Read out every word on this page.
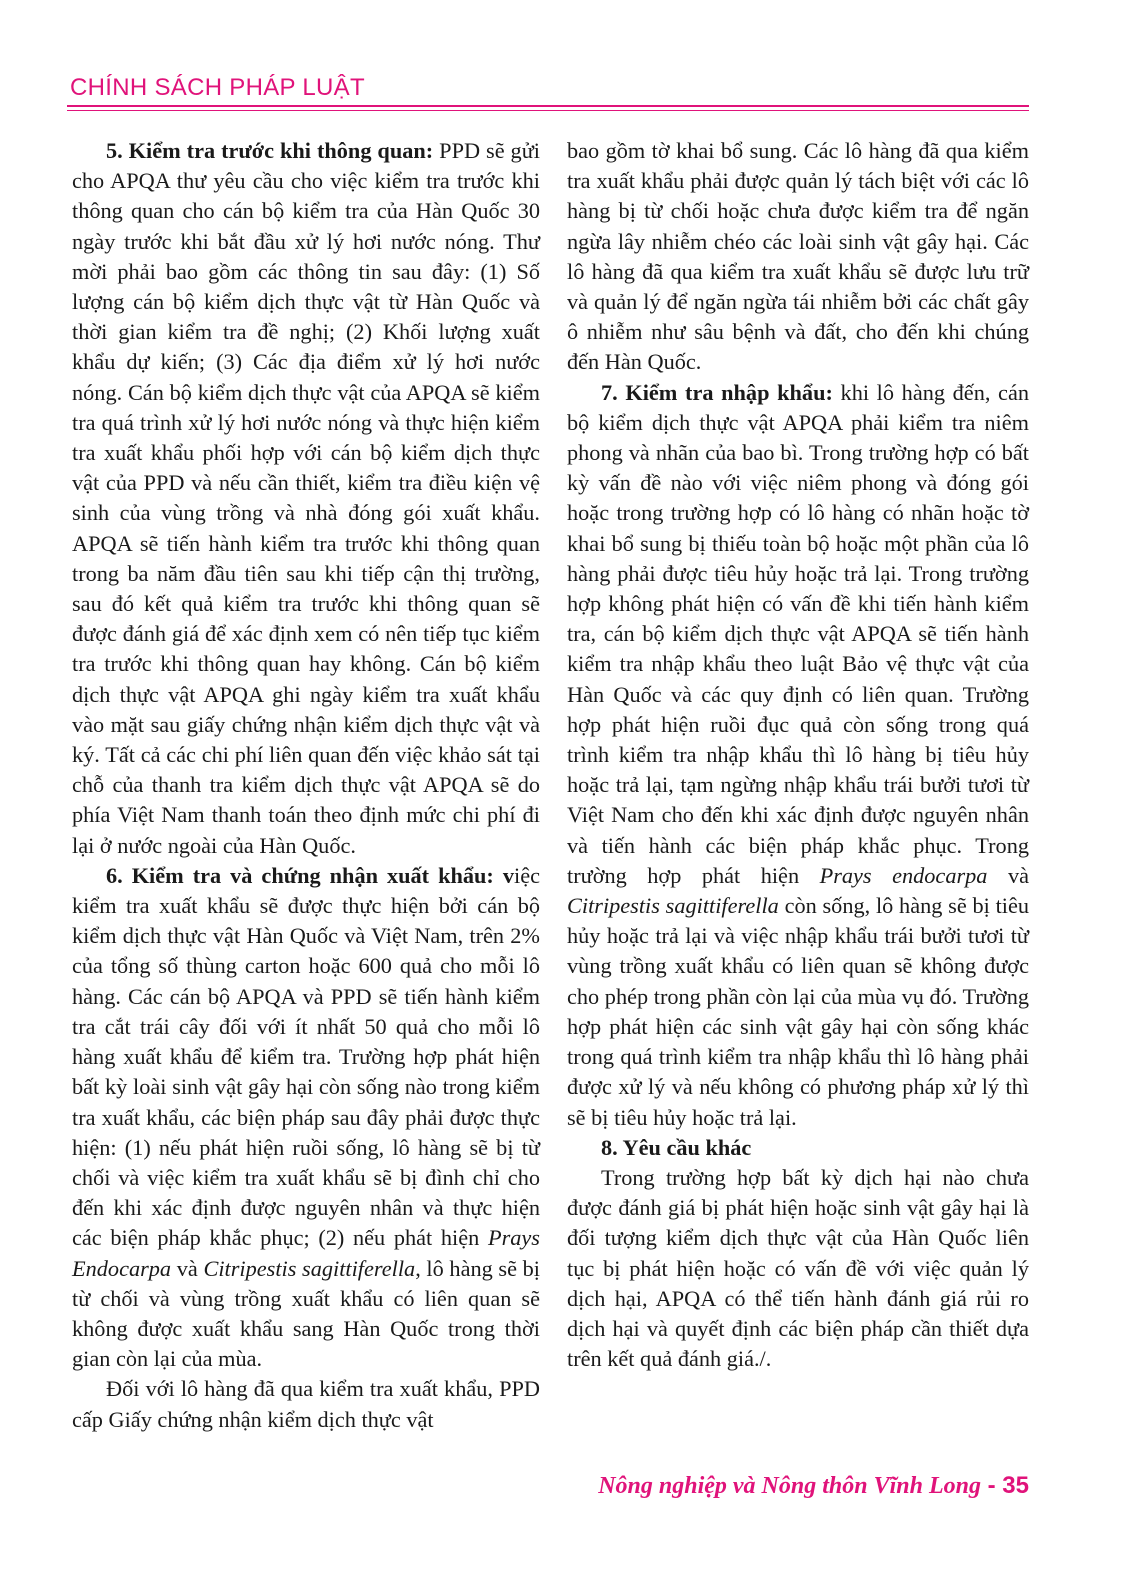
CHÍNH SÁCH PHÁP LUẬT

5. Kiểm tra trước khi thông quan: PPD sẽ gửi cho APQA thư yêu cầu cho việc kiểm tra trước khi thông quan cho cán bộ kiểm tra của Hàn Quốc 30 ngày trước khi bắt đầu xử lý hơi nước nóng. Thư mời phải bao gồm các thông tin sau đây: (1) Số lượng cán bộ kiểm dịch thực vật từ Hàn Quốc và thời gian kiểm tra đề nghị; (2) Khối lượng xuất khẩu dự kiến; (3) Các địa điểm xử lý hơi nước nóng. Cán bộ kiểm dịch thực vật của APQA sẽ kiểm tra quá trình xử lý hơi nước nóng và thực hiện kiểm tra xuất khẩu phối hợp với cán bộ kiểm dịch thực vật của PPD và nếu cần thiết, kiểm tra điều kiện vệ sinh của vùng trồng và nhà đóng gói xuất khẩu. APQA sẽ tiến hành kiểm tra trước khi thông quan trong ba năm đầu tiên sau khi tiếp cận thị trường, sau đó kết quả kiểm tra trước khi thông quan sẽ được đánh giá để xác định xem có nên tiếp tục kiểm tra trước khi thông quan hay không. Cán bộ kiểm dịch thực vật APQA ghi ngày kiểm tra xuất khẩu vào mặt sau giấy chứng nhận kiểm dịch thực vật và ký. Tất cả các chi phí liên quan đến việc khảo sát tại chỗ của thanh tra kiểm dịch thực vật APQA sẽ do phía Việt Nam thanh toán theo định mức chi phí đi lại ở nước ngoài của Hàn Quốc.

6. Kiểm tra và chứng nhận xuất khẩu: việc kiểm tra xuất khẩu sẽ được thực hiện bởi cán bộ kiểm dịch thực vật Hàn Quốc và Việt Nam, trên 2% của tổng số thùng carton hoặc 600 quả cho mỗi lô hàng. Các cán bộ APQA và PPD sẽ tiến hành kiểm tra cắt trái cây đối với ít nhất 50 quả cho mỗi lô hàng xuất khẩu để kiểm tra. Trường hợp phát hiện bất kỳ loài sinh vật gây hại còn sống nào trong kiểm tra xuất khẩu, các biện pháp sau đây phải được thực hiện: (1) nếu phát hiện ruồi sống, lô hàng sẽ bị từ chối và việc kiểm tra xuất khẩu sẽ bị đình chỉ cho đến khi xác định được nguyên nhân và thực hiện các biện pháp khắc phục; (2) nếu phát hiện Prays Endocarpa và Citripestis sagittiferella, lô hàng sẽ bị từ chối và vùng trồng xuất khẩu có liên quan sẽ không được xuất khẩu sang Hàn Quốc trong thời gian còn lại của mùa.

Đối với lô hàng đã qua kiểm tra xuất khẩu, PPD cấp Giấy chứng nhận kiểm dịch thực vật

bao gồm tờ khai bổ sung. Các lô hàng đã qua kiểm tra xuất khẩu phải được quản lý tách biệt với các lô hàng bị từ chối hoặc chưa được kiểm tra để ngăn ngừa lây nhiễm chéo các loài sinh vật gây hại. Các lô hàng đã qua kiểm tra xuất khẩu sẽ được lưu trữ và quản lý để ngăn ngừa tái nhiễm bởi các chất gây ô nhiễm như sâu bệnh và đất, cho đến khi chúng đến Hàn Quốc.

7. Kiểm tra nhập khẩu: khi lô hàng đến, cán bộ kiểm dịch thực vật APQA phải kiểm tra niêm phong và nhãn của bao bì. Trong trường hợp có bất kỳ vấn đề nào với việc niêm phong và đóng gói hoặc trong trường hợp có lô hàng có nhãn hoặc tờ khai bổ sung bị thiếu toàn bộ hoặc một phần của lô hàng phải được tiêu hủy hoặc trả lại. Trong trường hợp không phát hiện có vấn đề khi tiến hành kiểm tra, cán bộ kiểm dịch thực vật APQA sẽ tiến hành kiểm tra nhập khẩu theo luật Bảo vệ thực vật của Hàn Quốc và các quy định có liên quan. Trường hợp phát hiện ruồi đục quả còn sống trong quá trình kiểm tra nhập khẩu thì lô hàng bị tiêu hủy hoặc trả lại, tạm ngừng nhập khẩu trái bưởi tươi từ Việt Nam cho đến khi xác định được nguyên nhân và tiến hành các biện pháp khắc phục. Trong trường hợp phát hiện Prays endocarpa và Citripestis sagittiferella còn sống, lô hàng sẽ bị tiêu hủy hoặc trả lại và việc nhập khẩu trái bưởi tươi từ vùng trồng xuất khẩu có liên quan sẽ không được cho phép trong phần còn lại của mùa vụ đó. Trường hợp phát hiện các sinh vật gây hại còn sống khác trong quá trình kiểm tra nhập khẩu thì lô hàng phải được xử lý và nếu không có phương pháp xử lý thì sẽ bị tiêu hủy hoặc trả lại.

8. Yêu cầu khác

Trong trường hợp bất kỳ dịch hại nào chưa được đánh giá bị phát hiện hoặc sinh vật gây hại là đối tượng kiểm dịch thực vật của Hàn Quốc liên tục bị phát hiện hoặc có vấn đề với việc quản lý dịch hại, APQA có thể tiến hành đánh giá rủi ro dịch hại và quyết định các biện pháp cần thiết dựa trên kết quả đánh giá./.

Nông nghiệp và Nông thôn Vĩnh Long - 35
